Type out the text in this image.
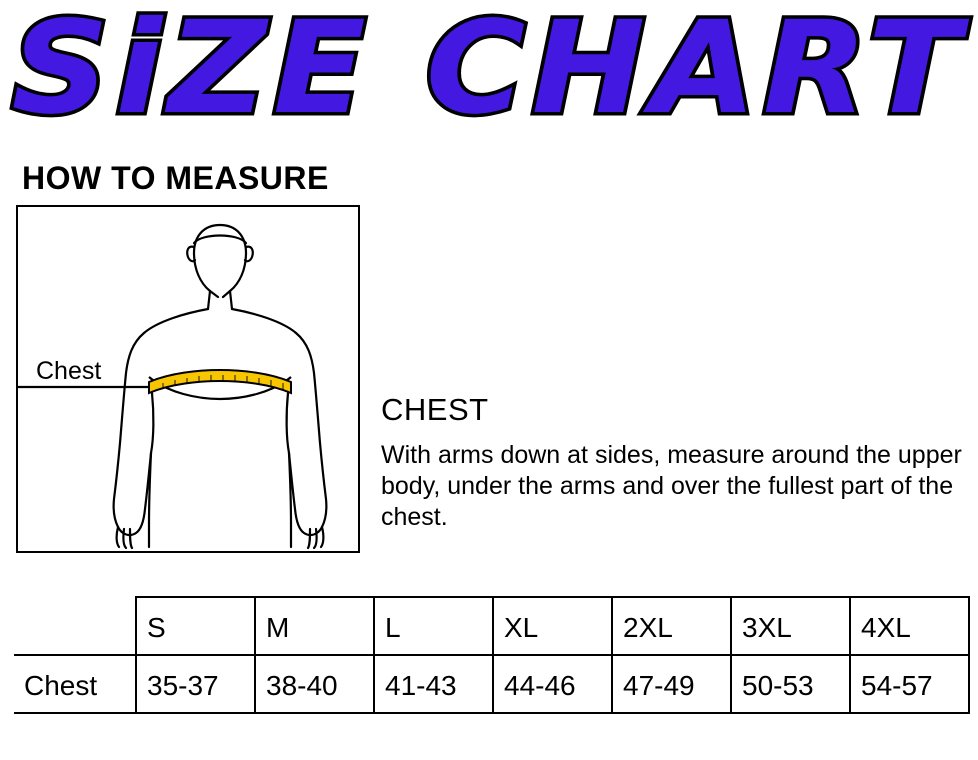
SiZE CHART
HOW TO MEASURE
Chest
CHEST
With arms down at sides, measure around the upper body, under the arms and over the fullest part of the chest.
	S	M	L	XL	2XL	3XL	4XL
Chest	35-37	38-40	41-43	44-46	47-49	50-53	54-57
